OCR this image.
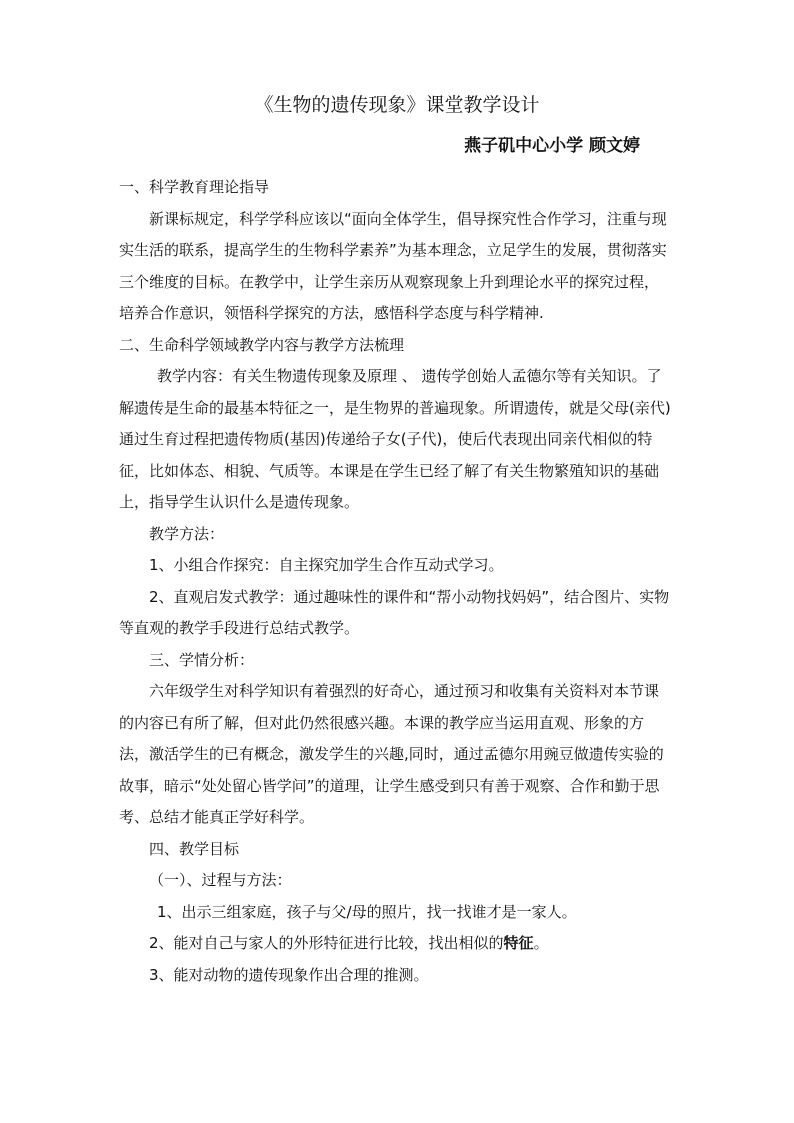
《生物的遗传现象》课堂教学设计
燕子矶中心小学 顾文婷

一、科学教育理论指导

新课标规定，科学学科应该以“面向全体学生，倡导探究性合作学习，注重与现实生活的联系，提高学生的生物科学素养”为基本理念，立足学生的发展，贯彻落实三个维度的目标。在教学中，让学生亲历从观察现象上升到理论水平的探究过程，培养合作意识，领悟科学探究的方法，感悟科学态度与科学精神.

二、生命科学领域教学内容与教学方法梳理

教学内容：有关生物遗传现象及原理 、 遗传学创始人孟德尔等有关知识。了解遗传是生命的最基本特征之一，是生物界的普遍现象。所谓遗传，就是父母(亲代)通过生育过程把遗传物质(基因)传递给子女(子代)，使后代表现出同亲代相似的特征，比如体态、相貌、气质等。本课是在学生已经了解了有关生物繁殖知识的基础上，指导学生认识什么是遗传现象。

教学方法：

1、小组合作探究：自主探究加学生合作互动式学习。

2、直观启发式教学：通过趣味性的课件和“帮小动物找妈妈”，结合图片、实物等直观的教学手段进行总结式教学。

三、学情分析：

六年级学生对科学知识有着强烈的好奇心，通过预习和收集有关资料对本节课的内容已有所了解，但对此仍然很感兴趣。本课的教学应当运用直观、形象的方法，激活学生的已有概念，激发学生的兴趣,同时，通过孟德尔用豌豆做遗传实验的故事，暗示“处处留心皆学问”的道理，让学生感受到只有善于观察、合作和勤于思考、总结才能真正学好科学。

四、教学目标

（一）、过程与方法：

1、出示三组家庭，孩子与父/母的照片，找一找谁才是一家人。

2、能对自己与家人的外形特征进行比较，找出相似的特征。

3、能对动物的遗传现象作出合理的推测。
